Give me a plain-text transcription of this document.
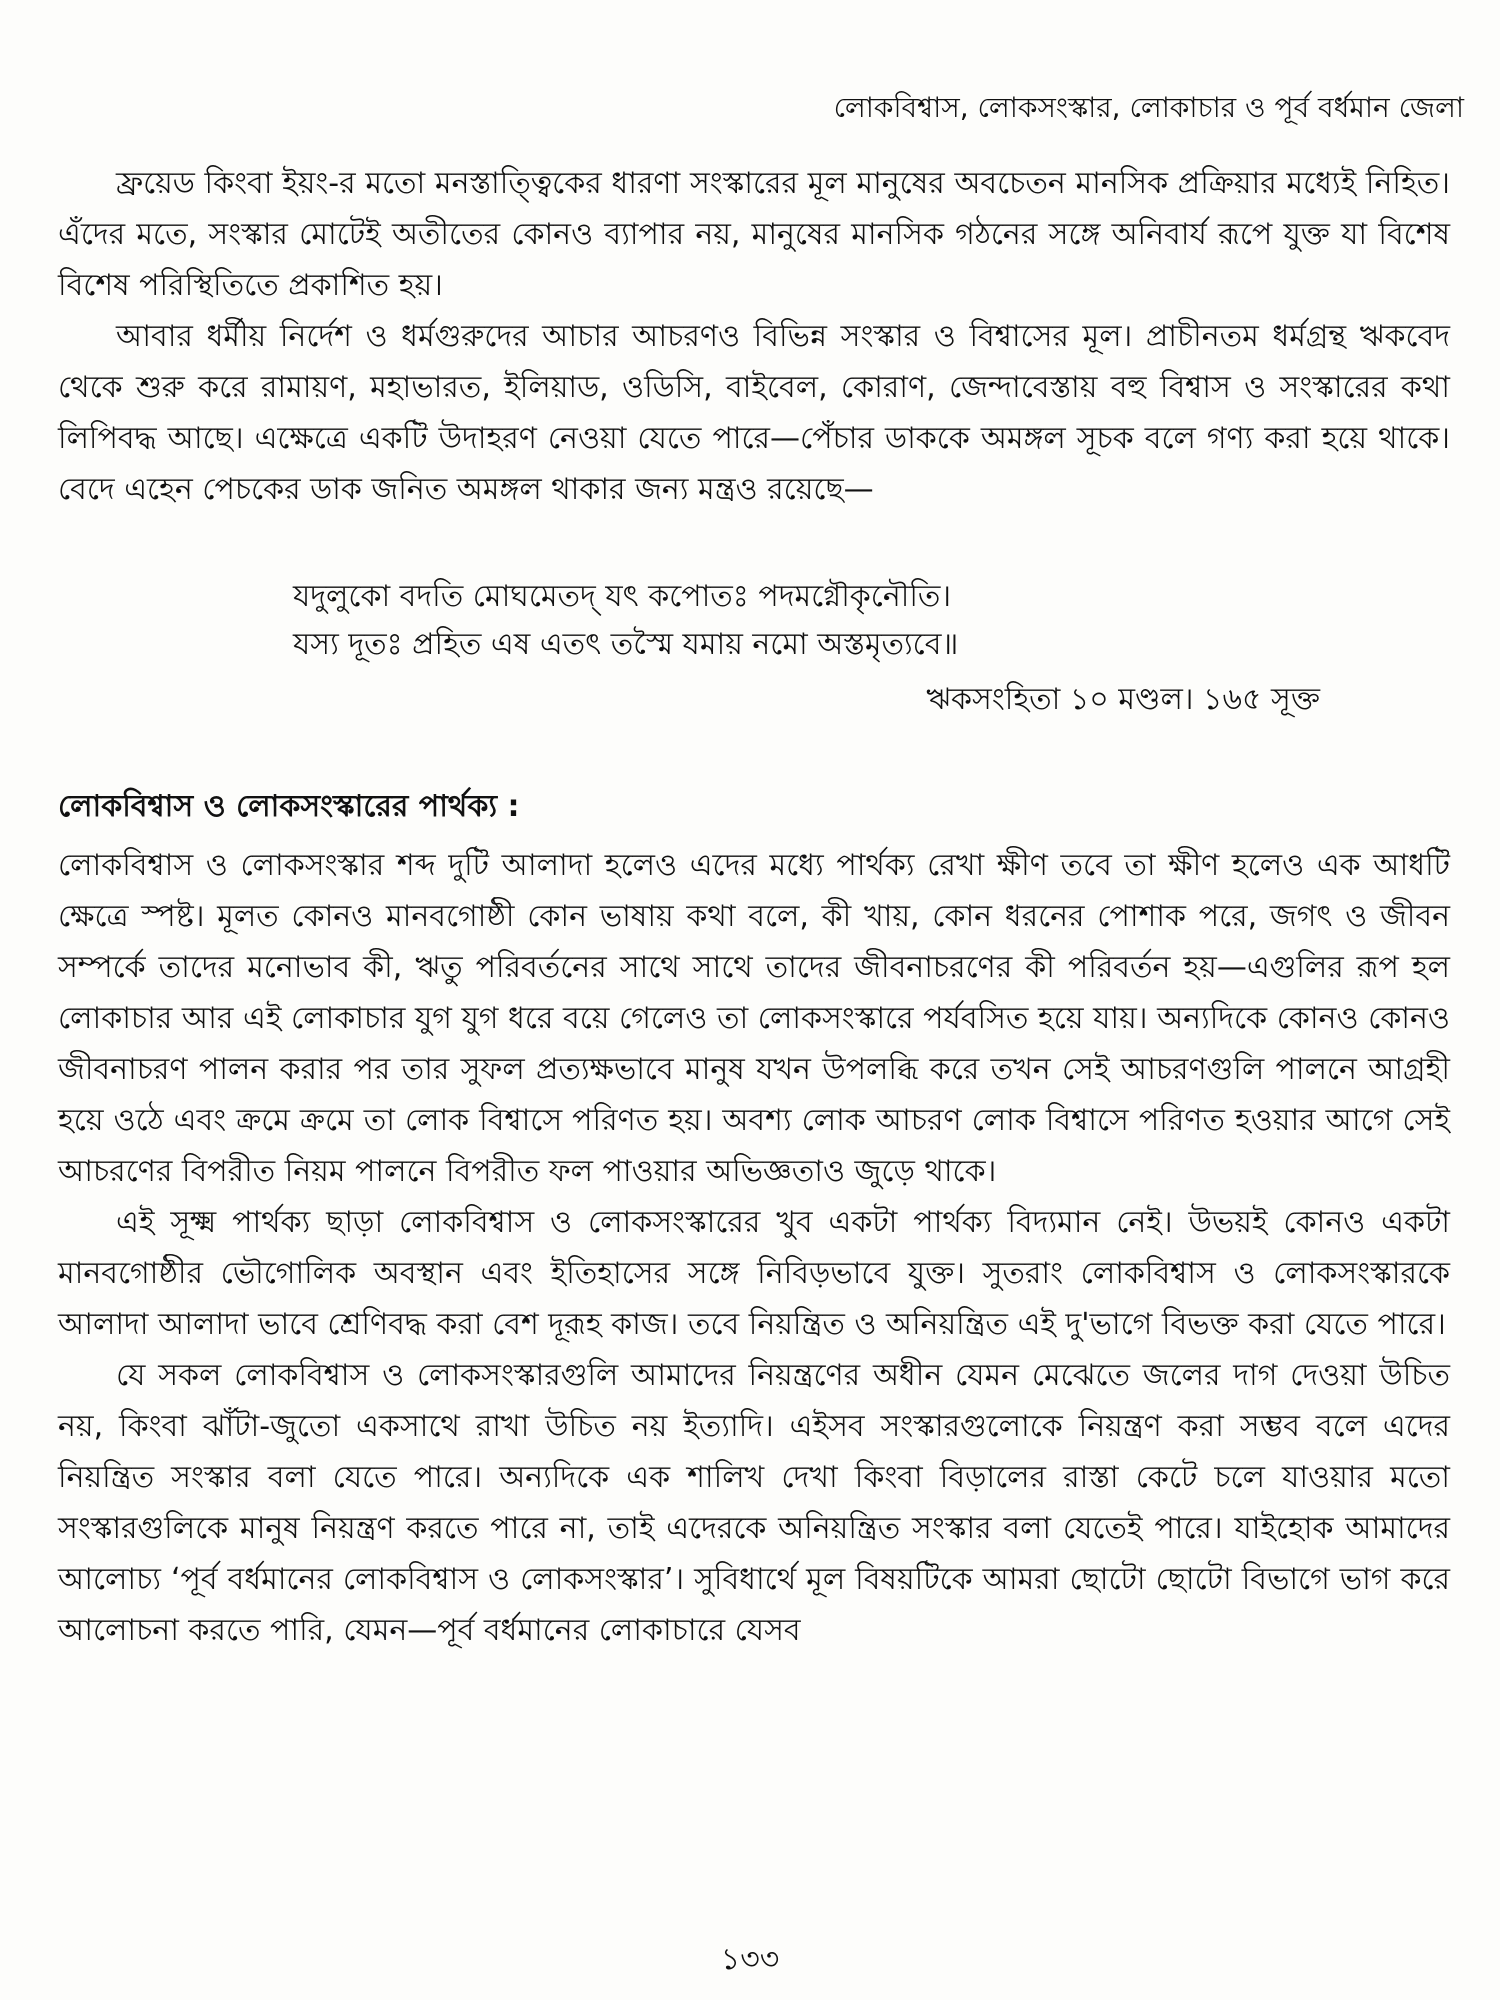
লোকবিশ্বাস, লোকসংস্কার, লোকাচার ও পূর্ব বর্ধমান জেলা

ফ্রয়েড কিংবা ইয়ং-র মতো মনস্তাত্ত্বিকের ধারণা সংস্কারের মূল মানুষের অবচেতন মানসিক প্রক্রিয়ার মধ্যেই নিহিত। এঁদের মতে, সংস্কার মোটেই অতীতের কোনও ব্যাপার নয়, মানুষের মানসিক গঠনের সঙ্গে অনিবার্য রূপে যুক্ত যা বিশেষ বিশেষ পরিস্থিতিতে প্রকাশিত হয়।

আবার ধর্মীয় নির্দেশ ও ধর্মগুরুদের আচার আচরণও বিভিন্ন সংস্কার ও বিশ্বাসের মূল। প্রাচীনতম ধর্মগ্রন্থ ঋকবেদ থেকে শুরু করে রামায়ণ, মহাভারত, ইলিয়াড, ওডিসি, বাইবেল, কোরাণ, জেন্দাবেস্তায় বহু বিশ্বাস ও সংস্কারের কথা লিপিবদ্ধ আছে। এক্ষেত্রে একটি উদাহরণ নেওয়া যেতে পারে—পেঁচার ডাককে অমঙ্গল সূচক বলে গণ্য করা হয়ে থাকে। বেদে এহেন পেচকের ডাক জনিত অমঙ্গল থাকার জন্য মন্ত্রও রয়েছে—

যদুলুকো বদতি মোঘমেতদ্ যৎ কপোতঃ পদমগ্নৌকৃনৌতি।

যস্য দূতঃ প্রহিত এষ এতৎ তস্মৈ যমায় নমো অস্তমৃত্যবে॥

ঋকসংহিতা ১০ মণ্ডল। ১৬৫ সূক্ত
লোকবিশ্বাস ও লোকসংস্কারের পার্থক্য :

লোকবিশ্বাস ও লোকসংস্কার শব্দ দুটি আলাদা হলেও এদের মধ্যে পার্থক্য রেখা ক্ষীণ তবে তা ক্ষীণ হলেও এক আধটি ক্ষেত্রে স্পষ্ট। মূলত কোনও মানবগোষ্ঠী কোন ভাষায় কথা বলে, কী খায়, কোন ধরনের পোশাক পরে, জগৎ ও জীবন সম্পর্কে তাদের মনোভাব কী, ঋতু পরিবর্তনের সাথে সাথে তাদের জীবনাচরণের কী পরিবর্তন হয়—এগুলির রূপ হল লোকাচার আর এই লোকাচার যুগ যুগ ধরে বয়ে গেলেও তা লোকসংস্কারে পর্যবসিত হয়ে যায়। অন্যদিকে কোনও কোনও জীবনাচরণ পালন করার পর তার সুফল প্রত্যক্ষভাবে মানুষ যখন উপলব্ধি করে তখন সেই আচরণগুলি পালনে আগ্রহী হয়ে ওঠে এবং ক্রমে ক্রমে তা লোক বিশ্বাসে পরিণত হয়। অবশ্য লোক আচরণ লোক বিশ্বাসে পরিণত হওয়ার আগে সেই আচরণের বিপরীত নিয়ম পালনে বিপরীত ফল পাওয়ার অভিজ্ঞতাও জুড়ে থাকে।

এই সূক্ষ্ম পার্থক্য ছাড়া লোকবিশ্বাস ও লোকসংস্কারের খুব একটা পার্থক্য বিদ্যমান নেই। উভয়ই কোনও একটা মানবগোষ্ঠীর ভৌগোলিক অবস্থান এবং ইতিহাসের সঙ্গে নিবিড়ভাবে যুক্ত। সুতরাং লোকবিশ্বাস ও লোকসংস্কারকে আলাদা আলাদা ভাবে শ্রেণিবদ্ধ করা বেশ দূরূহ কাজ। তবে নিয়ন্ত্রিত ও অনিয়ন্ত্রিত এই দু'ভাগে বিভক্ত করা যেতে পারে।

যে সকল লোকবিশ্বাস ও লোকসংস্কারগুলি আমাদের নিয়ন্ত্রণের অধীন যেমন মেঝেতে জলের দাগ দেওয়া উচিত নয়, কিংবা ঝাঁটা-জুতো একসাথে রাখা উচিত নয় ইত্যাদি। এইসব সংস্কারগুলোকে নিয়ন্ত্রণ করা সম্ভব বলে এদের নিয়ন্ত্রিত সংস্কার বলা যেতে পারে। অন্যদিকে এক শালিখ দেখা কিংবা বিড়ালের রাস্তা কেটে চলে যাওয়ার মতো সংস্কারগুলিকে মানুষ নিয়ন্ত্রণ করতে পারে না, তাই এদেরকে অনিয়ন্ত্রিত সংস্কার বলা যেতেই পারে। যাইহোক আমাদের আলোচ্য ‘পূর্ব বর্ধমানের লোকবিশ্বাস ও লোকসংস্কার’। সুবিধার্থে মূল বিষয়টিকে আমরা ছোটো ছোটো বিভাগে ভাগ করে আলোচনা করতে পারি, যেমন—পূর্ব বর্ধমানের লোকাচারে যেসব

১৩৩
